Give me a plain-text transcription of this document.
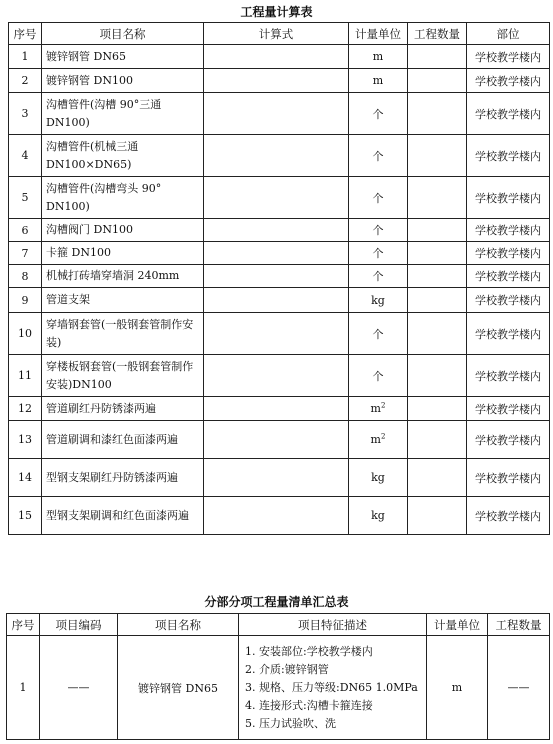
工程量计算表
序号	项目名称	计算式	计量单位	工程数量	部位
1	镀锌钢管 DN65		m		学校教学楼内
2	镀锌钢管 DN100		m		学校教学楼内
3	沟槽管件(沟槽 90°三通 DN100)		个		学校教学楼内
4	沟槽管件(机械三通 DN100×DN65)		个		学校教学楼内
5	沟槽管件(沟槽弯头 90° DN100)		个		学校教学楼内
6	沟槽阀门 DN100		个		学校教学楼内
7	卡箍 DN100		个		学校教学楼内
8	机械打砖墙穿墙洞 240mm		个		学校教学楼内
9	管道支架		kg		学校教学楼内
10	穿墙钢套管(一般钢套管制作安装)		个		学校教学楼内
11	穿楼板钢套管(一般钢套管制作安装)DN100		个		学校教学楼内
12	管道刷红丹防锈漆两遍		$m^2$		学校教学楼内
13	管道刷调和漆红色面漆两遍		$m^2$		学校教学楼内
14	型钢支架刷红丹防锈漆两遍		kg		学校教学楼内
15	型钢支架刷调和红色面漆两遍		kg		学校教学楼内
分部分项工程量清单汇总表
序号	项目编码	项目名称	项目特征描述	计量单位	工程数量
1	——	镀锌钢管 DN65	1. 安装部位:学校教学楼内
2. 介质:镀锌钢管
3. 规格、压力等级:DN65 1.0MPa
4. 连接形式:沟槽卡箍连接
5. 压力试验吹、洗	m	——
